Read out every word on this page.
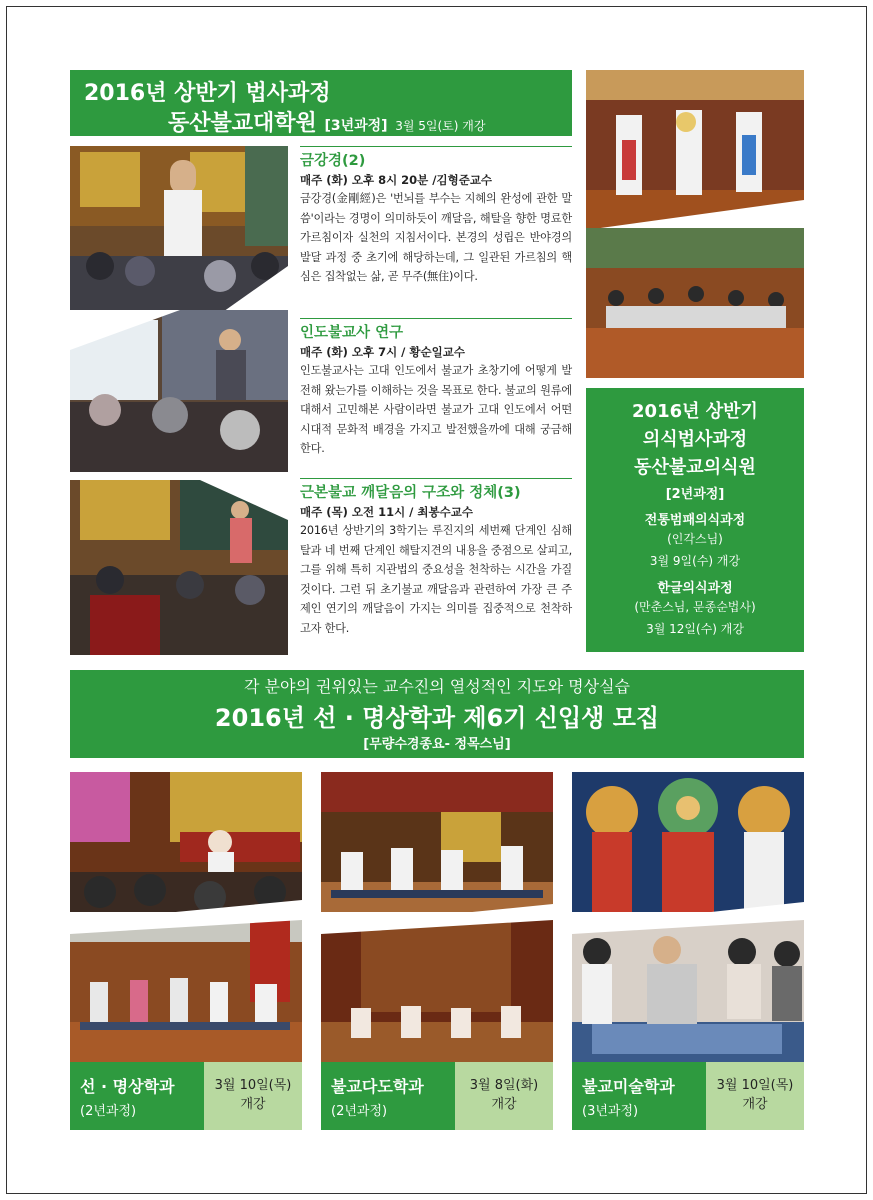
2016년 상반기 법사과정
동산불교대학원 [3년과정] 3월 5일(토) 개강
금강경(2)
매주 (화) 오후 8시 20분 /김형준교수

금강경(金剛經)은 '번뇌를 부수는 지혜의 완성에 관한 말씀'이라는 경명이 의미하듯이 깨달음, 해탈을 향한 명료한 가르침이자 실천의 지침서이다. 본경의 성립은 반야경의 발달 과정 중 초기에 해당하는데, 그 일관된 가르침의 핵심은 집착없는 삶, 곧 무주(無住)이다.

인도불교사 연구
매주 (화) 오후 7시 / 황순일교수

인도불교사는 고대 인도에서 불교가 초창기에 어떻게 발전해 왔는가를 이해하는 것을 목표로 한다. 불교의 원류에 대해서 고민해본 사람이라면 불교가 고대 인도에서 어떤 시대적 문화적 배경을 가지고 발전했을까에 대해 궁금해 한다.

근본불교 깨달음의 구조와 정체(3)
매주 (목) 오전 11시 / 최봉수교수

2016년 상반기의 3학기는 루진지의 세번째 단계인 심해탈과 네 번째 단계인 해탈지견의 내용을 중점으로 살피고, 그를 위해 특히 지관법의 중요성을 천착하는 시간을 가질 것이다. 그런 뒤 초기불교 깨달음과 관련하여 가장 큰 주제인 연기의 깨달음이 가지는 의미를 집중적으로 천착하고자 한다.

2016년 상반기
의식법사과정
동산불교의식원
[2년과정]
전통범패의식과정
(인각스님)
3월 9일(수) 개강
한글의식과정
(만춘스님, 문종순법사)
3월 12일(수) 개강
각 분야의 권위있는 교수진의 열성적인 지도와 명상실습
2016년 선 · 명상학과 제6기 신입생 모집
[무량수경종요- 정목스님]
선 · 명상학과
(2년과정)
3월 10일(목)
개강
불교다도학과
(2년과정)
3월 8일(화)
개강
불교미술학과
(3년과정)
3월 10일(목)
개강
